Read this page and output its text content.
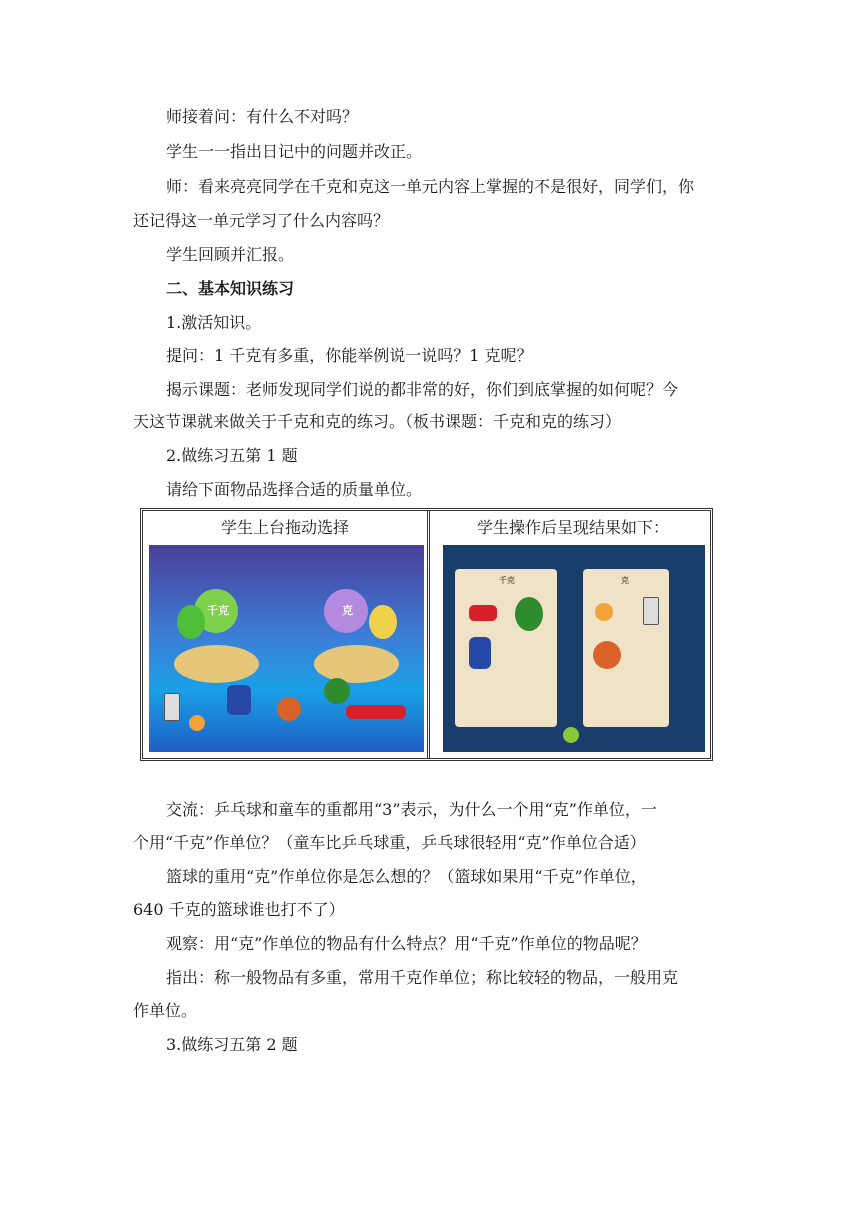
师接着问：有什么不对吗？
学生一一指出日记中的问题并改正。
师：看来亮亮同学在千克和克这一单元内容上掌握的不是很好，同学们，你
还记得这一单元学习了什么内容吗？
学生回顾并汇报。
二、基本知识练习
1.激活知识。
提问：1 千克有多重，你能举例说一说吗？1 克呢？
揭示课题：老师发现同学们说的都非常的好，你们到底掌握的如何呢？今
天这节课就来做关于千克和克的练习。（板书课题：千克和克的练习）
2.做练习五第 1 题
请给下面物品选择合适的质量单位。
学生上台拖动选择
千克	克
学生操作后呈现结果如下：
千克	克
交流：乒乓球和童车的重都用“3”表示，为什么一个用“克”作单位，一
个用“千克”作单位？（童车比乒乓球重，乒乓球很轻用“克”作单位合适）
篮球的重用“克”作单位你是怎么想的？（篮球如果用“千克”作单位，
640 千克的篮球谁也打不了）
观察：用“克”作单位的物品有什么特点？用“千克”作单位的物品呢？
指出：称一般物品有多重，常用千克作单位；称比较轻的物品，一般用克
作单位。
3.做练习五第 2 题
